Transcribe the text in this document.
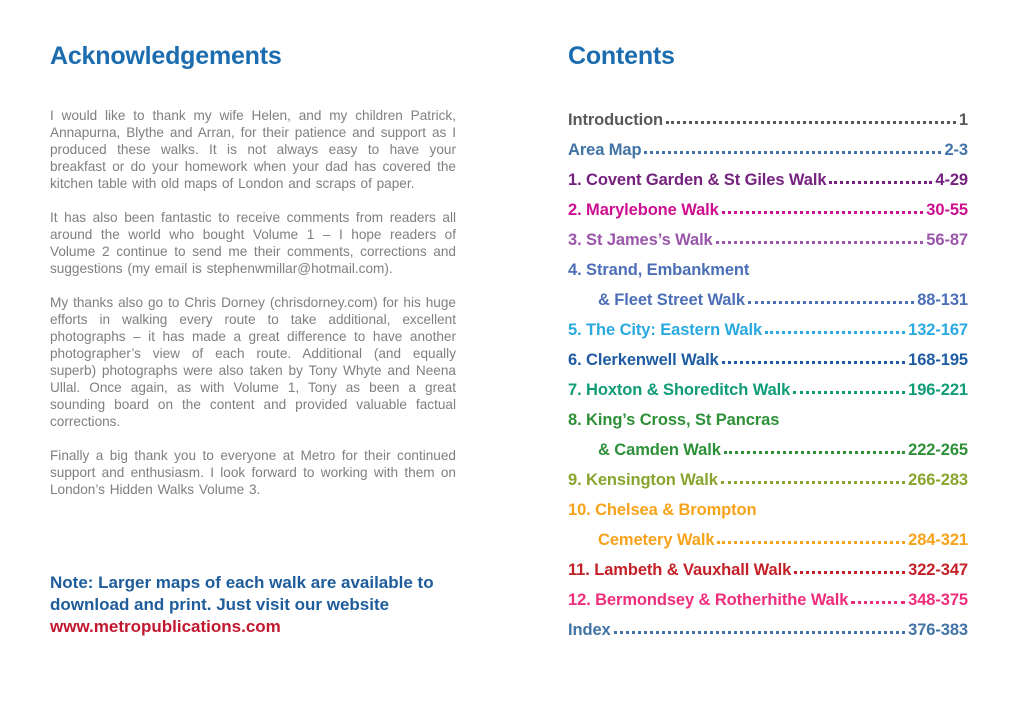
Acknowledgements

I would like to thank my wife Helen, and my children Patrick, Annapurna, Blythe and Arran, for their patience and support as I produced these walks. It is not always easy to have your breakfast or do your homework when your dad has covered the kitchen table with old maps of London and scraps of paper.

It has also been fantastic to receive comments from readers all around the world who bought Volume 1 – I hope readers of Volume 2 continue to send me their comments, corrections and suggestions (my email is stephenwmillar@hotmail.com).

My thanks also go to Chris Dorney (chrisdorney.com) for his huge efforts in walking every route to take additional, excellent photographs – it has made a great difference to have another photographer’s view of each route. Additional (and equally superb) photographs were also taken by Tony Whyte and Neena Ullal. Once again, as with Volume 1, Tony as been a great sounding board on the content and provided valuable factual corrections.

Finally a big thank you to everyone at Metro for their continued support and enthusiasm. I look forward to working with them on London’s Hidden Walks Volume 3.

Note: Larger maps of each walk are available to download and print. Just visit our website
www.metropublications.com
Contents
Introduction	1
Area Map	2-3
1. Covent Garden & St Giles Walk	4-29
2. Marylebone Walk	30-55
3. St James’s Walk	56-87
4. Strand, Embankment
& Fleet Street Walk	88-131
5. The City: Eastern Walk	132-167
6. Clerkenwell Walk	168-195
7. Hoxton & Shoreditch Walk	196-221
8. King’s Cross, St Pancras
& Camden Walk	222-265
9. Kensington Walk	266-283
10. Chelsea & Brompton
Cemetery Walk	284-321
11. Lambeth & Vauxhall Walk	322-347
12. Bermondsey & Rotherhithe Walk	348-375
Index	376-383
